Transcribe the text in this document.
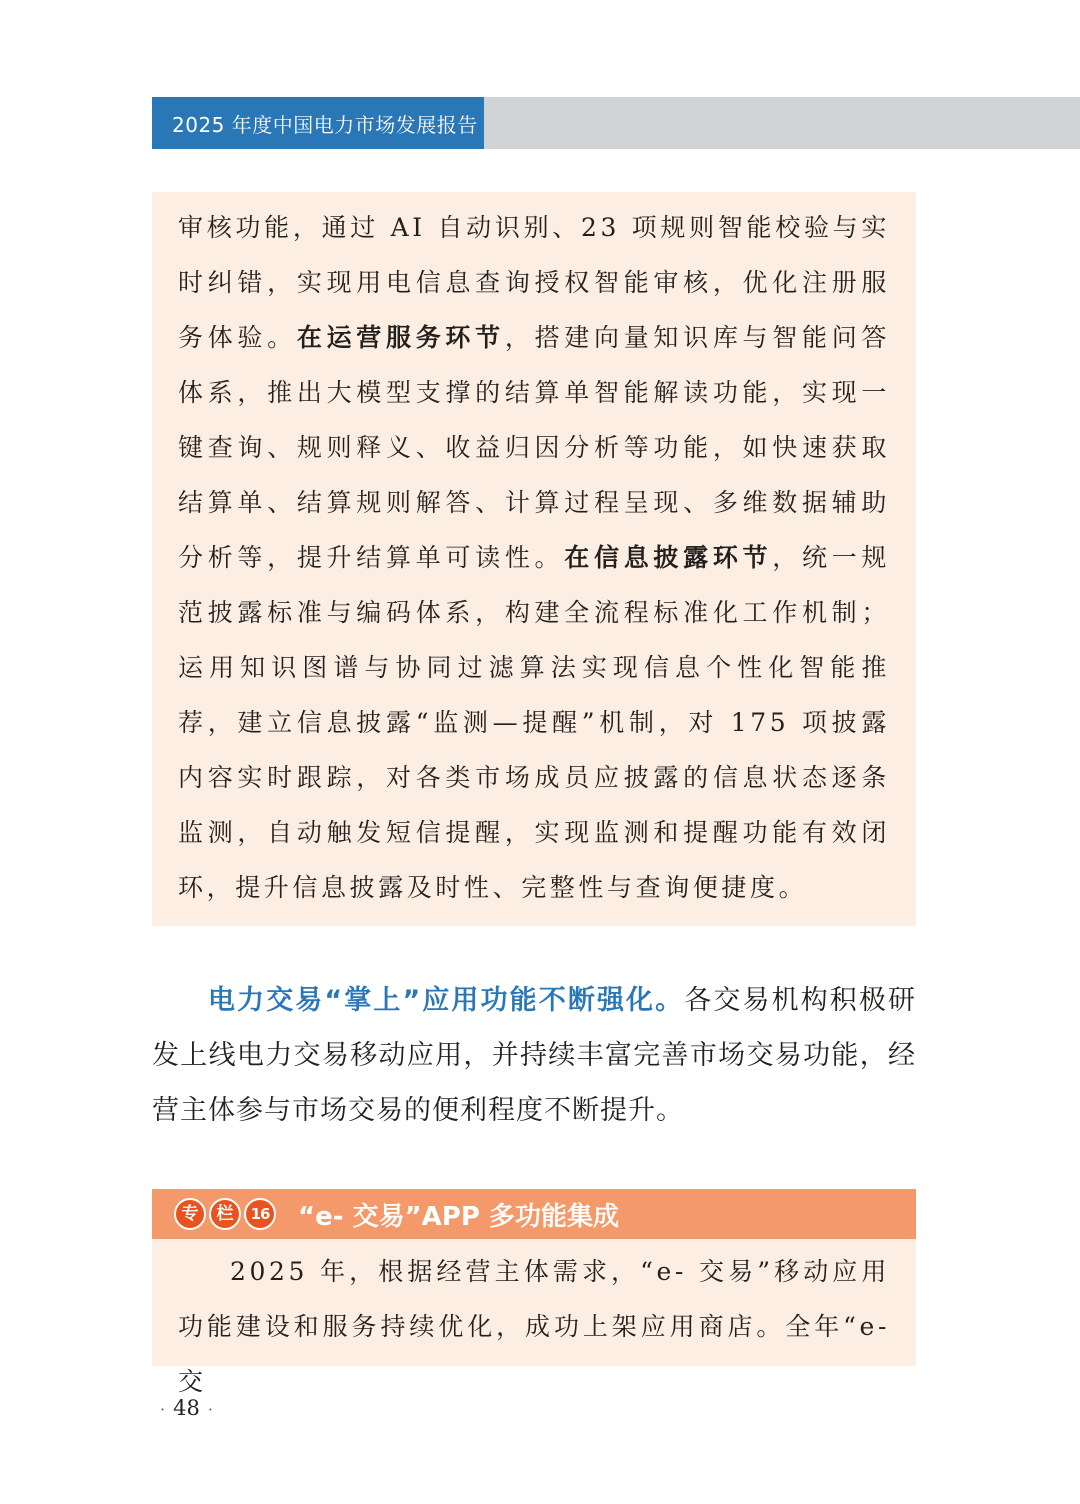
2025 年度中国电力市场发展报告

审核功能，通过 AI 自动识别、23 项规则智能校验与实时纠错，实现用电信息查询授权智能审核，优化注册服务体验。在运营服务环节，搭建向量知识库与智能问答体系，推出大模型支撑的结算单智能解读功能，实现一键查询、规则释义、收益归因分析等功能，如快速获取结算单、结算规则解答、计算过程呈现、多维数据辅助分析等，提升结算单可读性。在信息披露环节，统一规范披露标准与编码体系，构建全流程标准化工作机制；运用知识图谱与协同过滤算法实现信息个性化智能推荐，建立信息披露“监测—提醒”机制，对 175 项披露内容实时跟踪，对各类市场成员应披露的信息状态逐条监测，自动触发短信提醒，实现监测和提醒功能有效闭环，提升信息披露及时性、完整性与查询便捷度。

电力交易“掌上”应用功能不断强化。各交易机构积极研发上线电力交易移动应用，并持续丰富完善市场交易功能，经营主体参与市场交易的便利程度不断提升。

专	栏	16 “e- 交易”APP 多功能集成

2025 年，根据经营主体需求，“e- 交易”移动应用功能建设和服务持续优化，成功上架应用商店。全年“e- 交

· 48 ·
